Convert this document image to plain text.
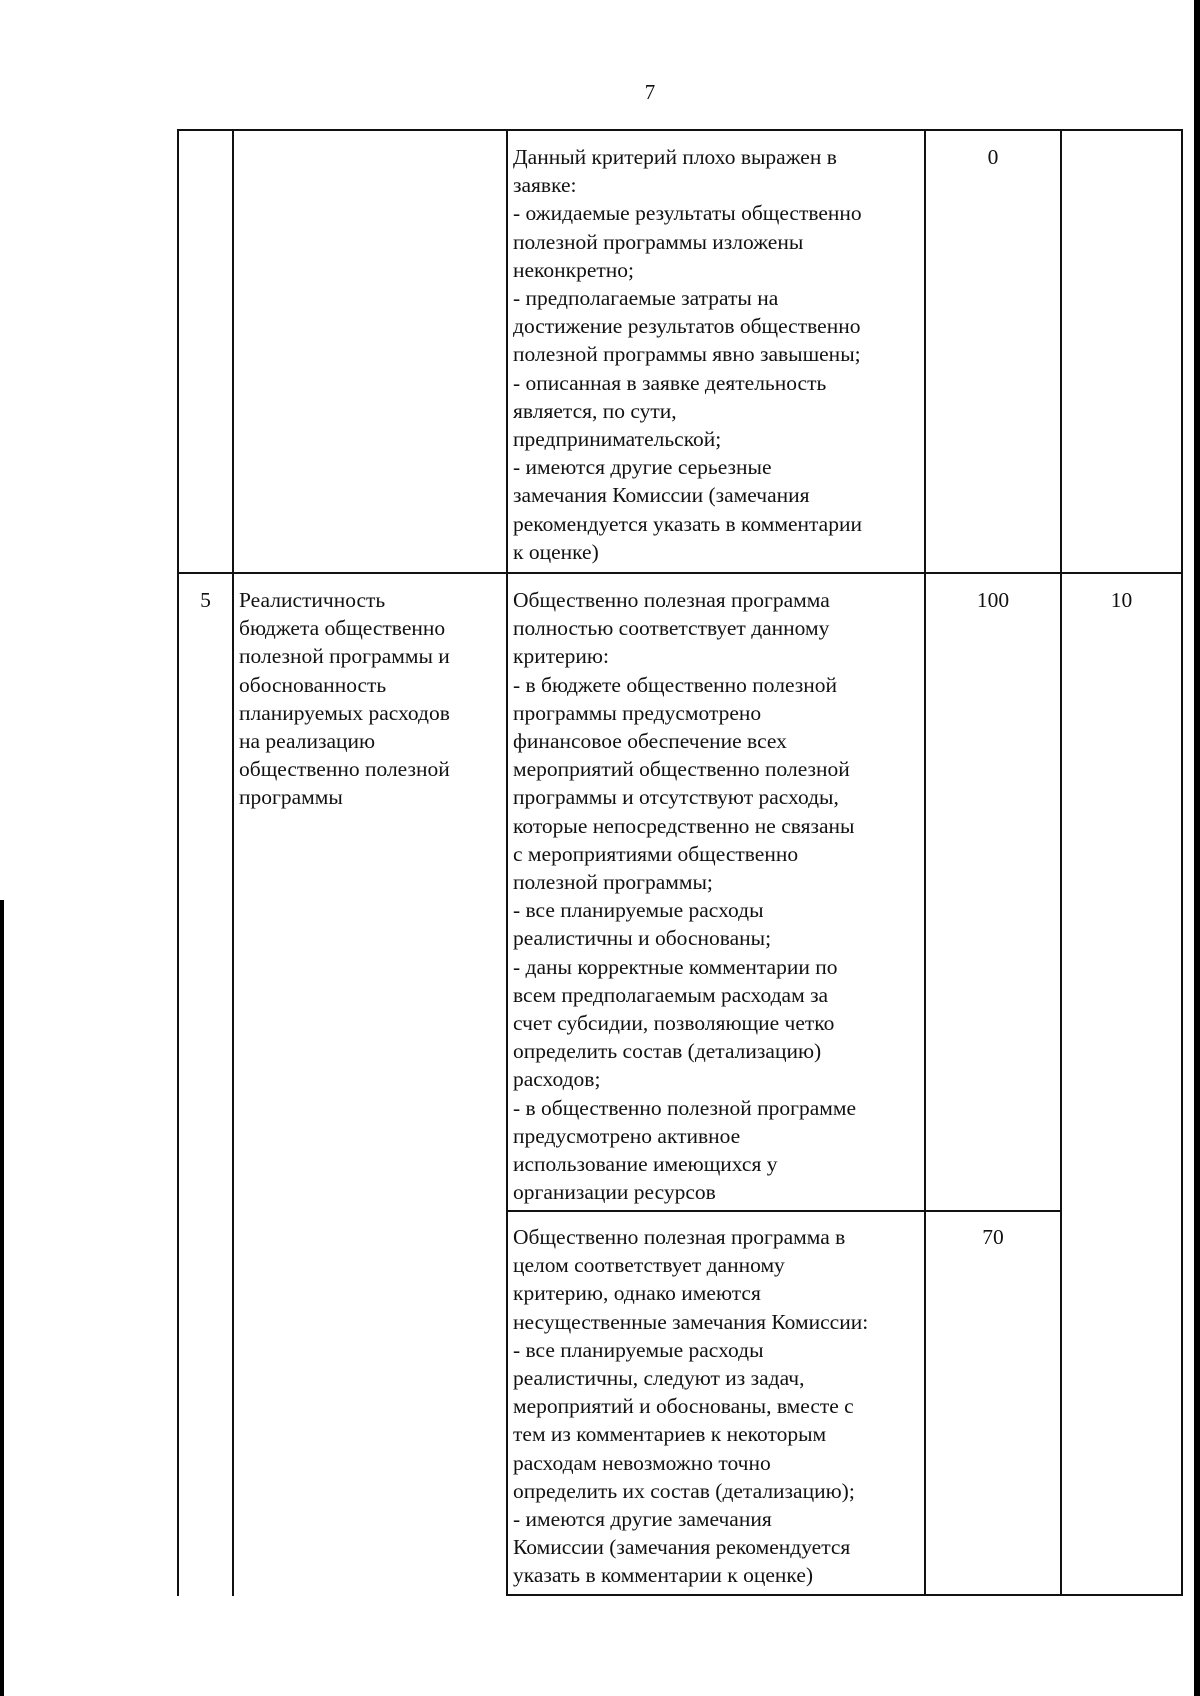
7
Данный критерий плохо выражен в
заявке:
- ожидаемые результаты общественно
полезной программы изложены
неконкретно;
- предполагаемые затраты на
достижение результатов общественно
полезной программы явно завышены;
- описанная в заявке деятельность
является, по сути,
предпринимательской;
- имеются другие серьезные
замечания Комиссии (замечания
рекомендуется указать в комментарии
к оценке)
0
5	Реалистичность
бюджета общественно
полезной программы и
обоснованность
планируемых расходов
на реализацию
общественно полезной
программы
Общественно полезная программа
полностью соответствует данному
критерию:
- в бюджете общественно полезной
программы предусмотрено
финансовое обеспечение всех
мероприятий общественно полезной
программы и отсутствуют расходы,
которые непосредственно не связаны
с мероприятиями общественно
полезной программы;
- все планируемые расходы
реалистичны и обоснованы;
- даны корректные комментарии по
всем предполагаемым расходам за
счет субсидии, позволяющие четко
определить состав (детализацию)
расходов;
- в общественно полезной программе
предусмотрено активное
использование имеющихся у
организации ресурсов
100	10
Общественно полезная программа в
целом соответствует данному
критерию, однако имеются
несущественные замечания Комиссии:
- все планируемые расходы
реалистичны, следуют из задач,
мероприятий и обоснованы, вместе с
тем из комментариев к некоторым
расходам невозможно точно
определить их состав (детализацию);
- имеются другие замечания
Комиссии (замечания рекомендуется
указать в комментарии к оценке)
70
